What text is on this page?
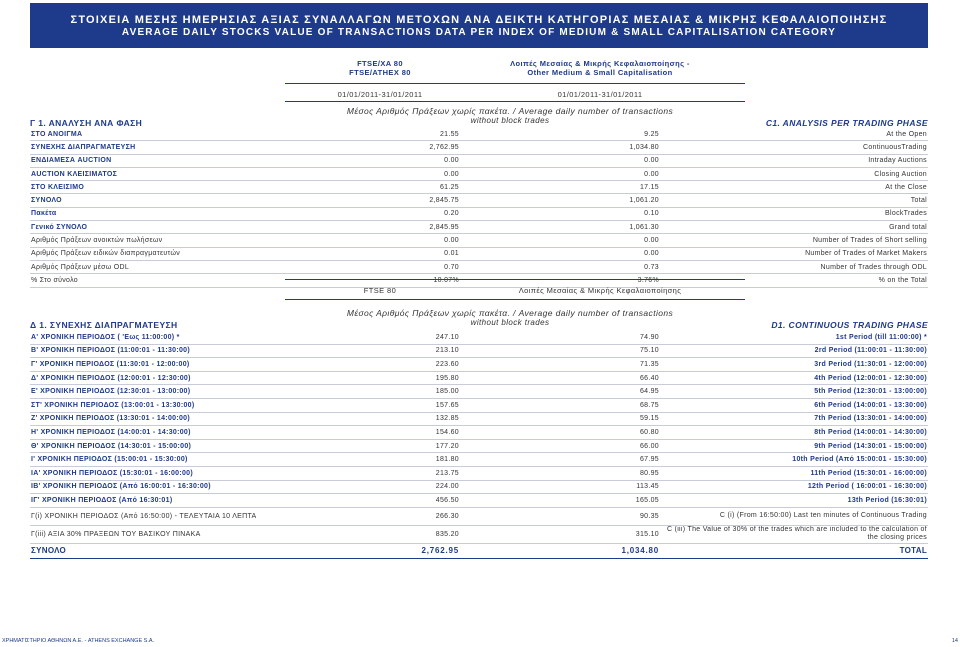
ΣΤΟΙΧΕΙΑ ΜΕΣΗΣ ΗΜΕΡΗΣΙΑΣ ΑΞΙΑΣ ΣΥΝΑΛΛΑΓΩΝ ΜΕΤΟΧΩΝ ΑΝΑ ΔΕΙΚΤΗ ΚΑΤΗΓΟΡΙΑΣ ΜΕΣΑΙΑΣ & ΜΙΚΡΗΣ ΚΕΦΑΛΑΙΟΠΟΙΗΣΗΣ
AVERAGE DAILY STOCKS VALUE OF TRANSACTIONS DATA PER INDEX OF MEDIUM & SMALL CAPITALISATION CATEGORY
FTSE/XA 80
FTSE/ATHEX 80
Λοιπές Μεσαίας & Μικρής Κεφαλαιοποίησης -
Other Medium & Small Capitalisation
01/01/2011-31/01/2011	01/01/2011-31/01/2011
Μέσος Αριθμός Πράξεων χωρίς πακέτα. / Average daily number of transactions
without block trades
Γ 1. ΑΝΑΛΥΣΗ ΑΝΑ ΦΑΣΗ	C1. ANALYSIS PER TRADING PHASE
ΣΤΟ ΑΝΟΙΓΜΑ	21.55	9.25	At the Open
ΣΥΝΕΧΗΣ ΔΙΑΠΡΑΓΜΑΤΕΥΣΗ	2,762.95	1,034.80	ContinuousTrading
ΕΝΔΙΑΜΕΣΑ AUCTION	0.00	0.00	Intraday Auctions
AUCTION ΚΛΕΙΣΙΜΑΤΟΣ	0.00	0.00	Closing Auction
ΣΤΟ ΚΛΕΙΣΙΜΟ	61.25	17.15	At the Close
ΣΥΝΟΛΟ	2,845.75	1,061.20	Total
Πακέτα	0.20	0.10	BlockTrades
Γενικό ΣΥΝΟΛΟ	2,845.95	1,061.30	Grand total
Αριθμός Πράξεων ανοικτών πωλήσεων	0.00	0.00	Number of Trades of Short selling
Αριθμός Πράξεων ειδικών διαπραγματευτών	0.01	0.00	Number of Trades of Market Makers
Αριθμός Πράξεων μέσω ODL	0.70	0.73	Number of Trades through ODL
% Στο σύνολο	10.07%	3.76%	% on the Total
FTSE 80	Λοιπές Μεσαίας & Μικρής Κεφαλαιοποίησης
Μέσος Αριθμός Πράξεων χωρίς πακέτα. / Average daily number of transactions
without block trades
Δ 1. ΣΥΝΕΧΗΣ ΔΙΑΠΡΑΓΜΑΤΕΥΣΗ	D1. CONTINUOUS TRADING PHASE
Α' ΧΡΟΝΙΚΗ ΠΕΡΙΟΔΟΣ ( 'Εως 11:00:00) *	247.10	74.90	1st Period (till 11:00:00) *
Β' ΧΡΟΝΙΚΗ ΠΕΡΙΟΔΟΣ (11:00:01 - 11:30:00)	213.10	75.10	2rd Period (11:00:01 - 11:30:00)
Γ' ΧΡΟΝΙΚΗ ΠΕΡΙΟΔΟΣ (11:30:01 - 12:00:00)	223.60	71.35	3rd Period (11:30:01 - 12:00:00)
Δ' ΧΡΟΝΙΚΗ ΠΕΡΙΟΔΟΣ (12:00:01 - 12:30:00)	195.80	66.40	4th Period (12:00:01 - 12:30:00)
Ε' ΧΡΟΝΙΚΗ ΠΕΡΙΟΔΟΣ (12:30:01 - 13:00:00)	185.00	64.95	5th Period (12:30:01 - 13:00:00)
ΣΤ' ΧΡΟΝΙΚΗ ΠΕΡΙΟΔΟΣ (13:00:01 - 13:30:00)	157.65	68.75	6th Period (14:00:01 - 13:30:00)
Ζ' ΧΡΟΝΙΚΗ ΠΕΡΙΟΔΟΣ (13:30:01 - 14:00:00)	132.85	59.15	7th Period (13:30:01 - 14:00:00)
Η' ΧΡΟΝΙΚΗ ΠΕΡΙΟΔΟΣ (14:00:01 - 14:30:00)	154.60	60.80	8th Period (14:00:01 - 14:30:00)
Θ' ΧΡΟΝΙΚΗ ΠΕΡΙΟΔΟΣ (14:30:01 - 15:00:00)	177.20	66.00	9th Period (14:30:01 - 15:00:00)
Ι' ΧΡΟΝΙΚΗ ΠΕΡΙΟΔΟΣ (15:00:01 - 15:30:00)	181.80	67.95	10th Period (Από 15:00:01 - 15:30:00)
ΙΑ' ΧΡΟΝΙΚΗ ΠΕΡΙΟΔΟΣ (15:30:01 - 16:00:00)	213.75	80.95	11th Period (15:30:01 - 16:00:00)
ΙΒ' ΧΡΟΝΙΚΗ ΠΕΡΙΟΔΟΣ (Από 16:00:01 - 16:30:00)	224.00	113.45	12th Period ( 16:00:01 - 16:30:00)
ΙΓ' ΧΡΟΝΙΚΗ ΠΕΡΙΟΔΟΣ (Από 16:30:01)	456.50	165.05	13th Period (16:30:01)
Γ(i) ΧΡΟΝΙΚΗ ΠΕΡΙΟΔΟΣ (Από 16:50:00) - ΤΕΛΕΥΤΑΙΑ 10 ΛΕΠΤΑ	266.30	90.35	C (i) (From 16:50:00) Last ten minutes of Continuous Trading
Γ(iii) ΑΞΙΑ 30% ΠΡΑΞΕΩΝ ΤΟΥ ΒΑΣΙΚΟΥ ΠΙΝΑΚΑ	835.20	315.10	C (iii) The Value of 30% of the trades which are included to the calculation of the closing prices
ΣΥΝΟΛΟ	2,762.95	1,034.80	TOTAL
ΧΡΗΜΑΤΙΣΤΗΡΙΟ ΑΘΗΝΩΝ Α.Ε. - ATHENS EXCHANGE S.A.	14
